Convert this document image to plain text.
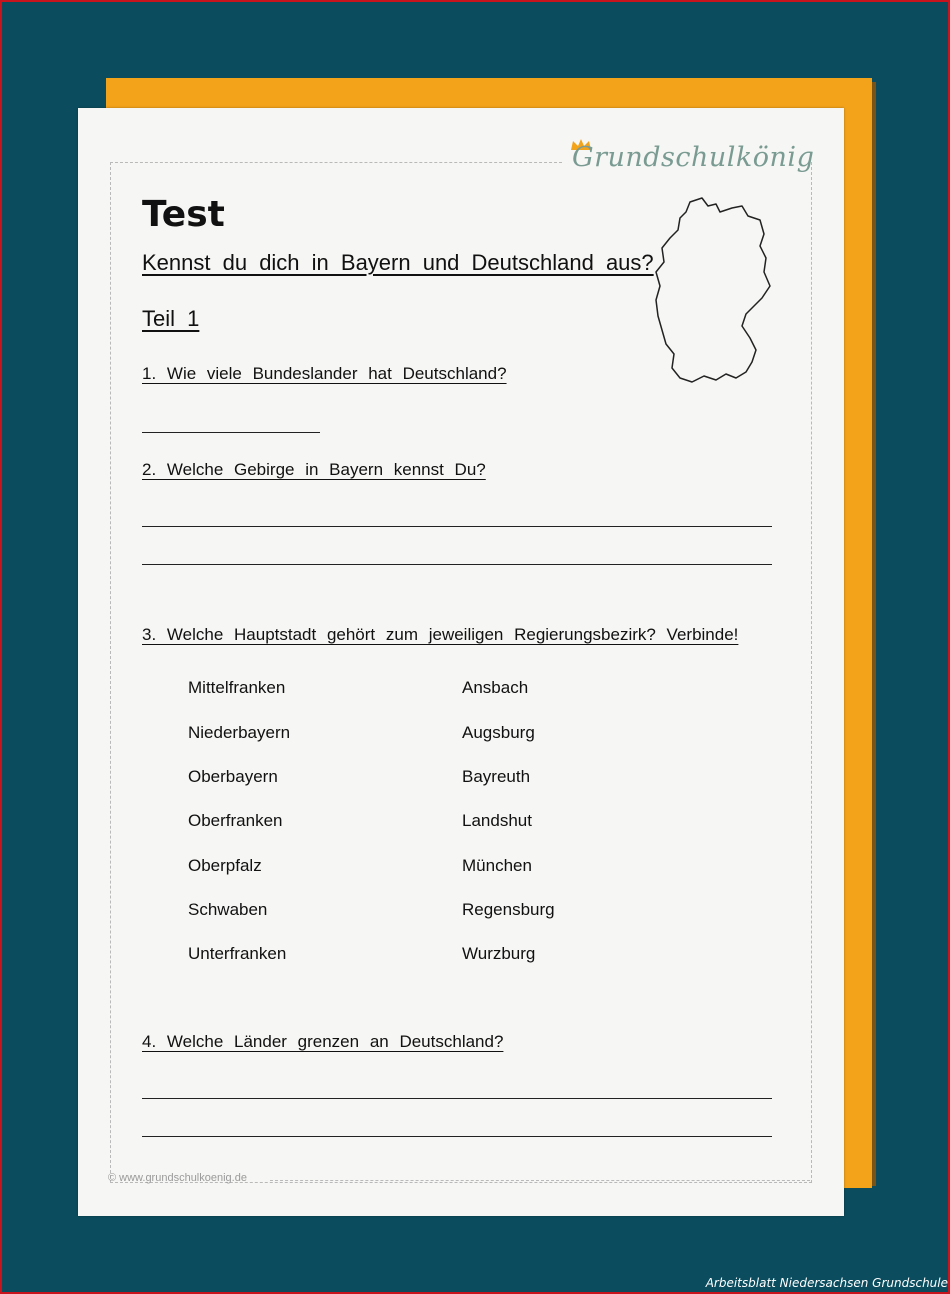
Grundschulkönig
Test
Kennst du dich in Bayern und Deutschland aus?
Teil 1
1. Wie viele Bundeslander hat Deutschland?
2. Welche Gebirge in Bayern kennst Du?
3. Welche Hauptstadt gehört zum jeweiligen Regierungsbezirk? Verbinde!
Mittelfranken
Niederbayern
Oberbayern
Oberfranken
Oberpfalz
Schwaben
Unterfranken
Ansbach
Augsburg
Bayreuth
Landshut
München
Regensburg
Wurzburg
4. Welche Länder grenzen an Deutschland?
© www.grundschulkoenig.de
Arbeitsblatt Niedersachsen Grundschule
